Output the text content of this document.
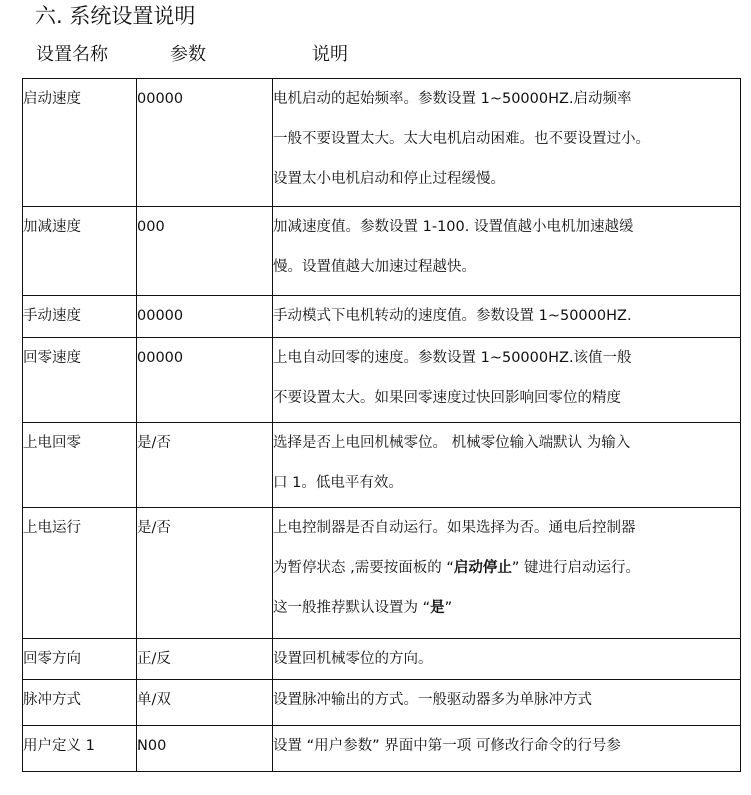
六. 系统设置说明
设置名称	参数	说明
启动速度	00000	电机启动的起始频率。参数设置 1~50000HZ.启动频率
一般不要设置太大。太大电机启动困难。也不要设置过小。
设置太小电机启动和停止过程缓慢。

加减速度	000	加减速度值。参数设置 1-100. 设置值越小电机加速越缓
慢。设置值越大加速过程越快。

手动速度	00000	手动模式下电机转动的速度值。参数设置 1~50000HZ.

回零速度	00000	上电自动回零的速度。参数设置 1~50000HZ.该值一般
不要设置太大。如果回零速度过快回影响回零位的精度

上电回零	是/否	选择是否上电回机械零位。 机械零位输入端默认 为输入
口 1。低电平有效。

上电运行	是/否	上电控制器是否自动运行。如果选择为否。通电后控制器
为暂停状态 ,需要按面板的 “启动停止” 键进行启动运行。
这一般推荐默认设置为 “是”

回零方向	正/反	设置回机械零位的方向。

脉冲方式	单/双	设置脉冲输出的方式。一般驱动器多为单脉冲方式

用户定义 1	N00	设置 “用户参数” 界面中第一项 可修改行命令的行号参
